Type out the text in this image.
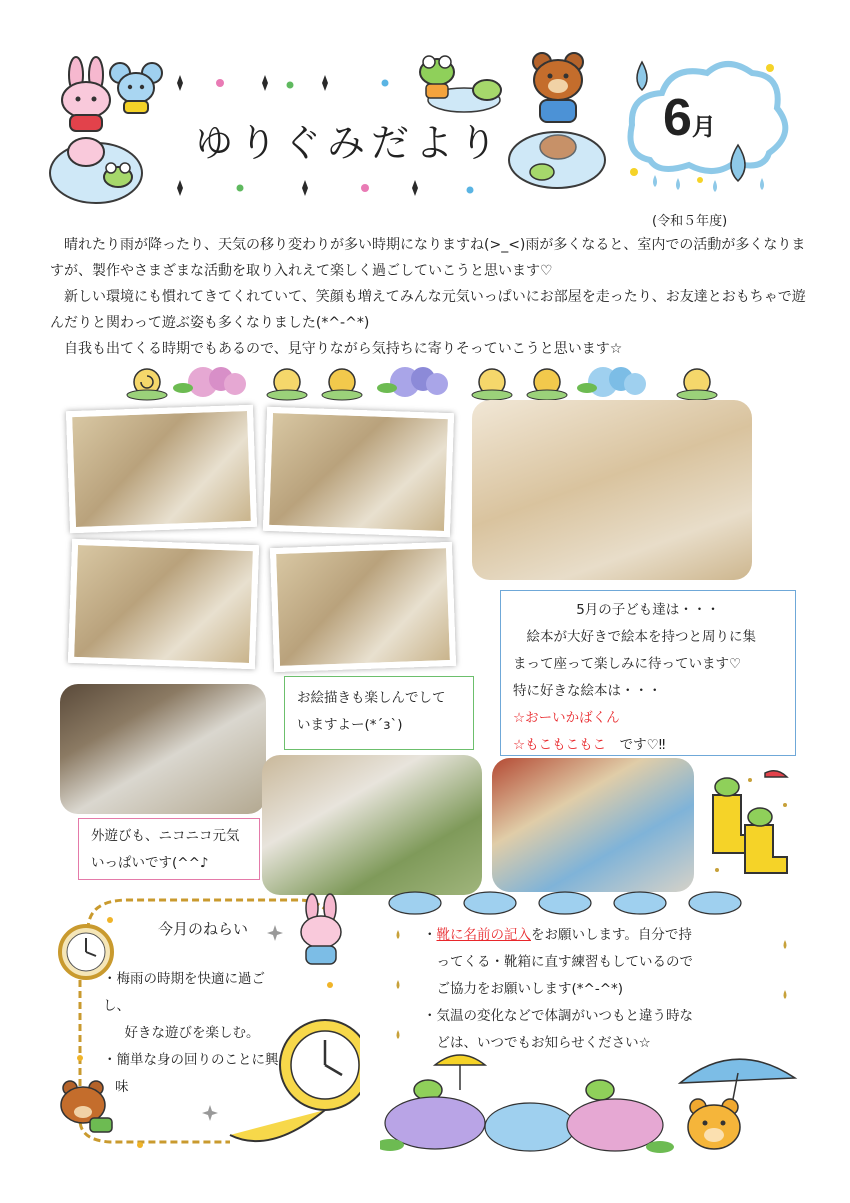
ゆりぐみだより	6月
(令和５年度)
　晴れたり雨が降ったり、天気の移り変わりが多い時期になりますね(>_<)雨が多くなると、室内での活動が多くなりますが、製作やさまざまな活動を取り入れえて楽しく過ごしていこうと思います♡
　新しい環境にも慣れてきてくれていて、笑顔も増えてみんな元気いっぱいにお部屋を走ったり、お友達とおもちゃで遊んだりと関わって遊ぶ姿も多くなりました(*^-^*)
　自我も出てくる時期でもあるので、見守りながら気持ちに寄りそっていこうと思います☆
5月の子ども達は・・・
　絵本が大好きで絵本を持つと周りに集
まって座って楽しみに待っています♡
特に好きな絵本は・・・
☆おーいかばくん
☆もこもこもこ　です♡‼
お絵描きも楽しんでして
いますよー(*´з`)
外遊びも、ニコニコ元気
いっぱいです(^^♪
今月のねらい
・梅雨の時期を快適に過ご
し、
　好きな遊びを楽しむ。
・簡単な身の回りのことに興
味
・靴に名前の記入をお願いします。自分で持
　ってくる・靴箱に直す練習もしているので
　ご協力をお願いします(*^-^*)
・気温の変化などで体調がいつもと違う時な
　どは、いつでもお知らせください☆
